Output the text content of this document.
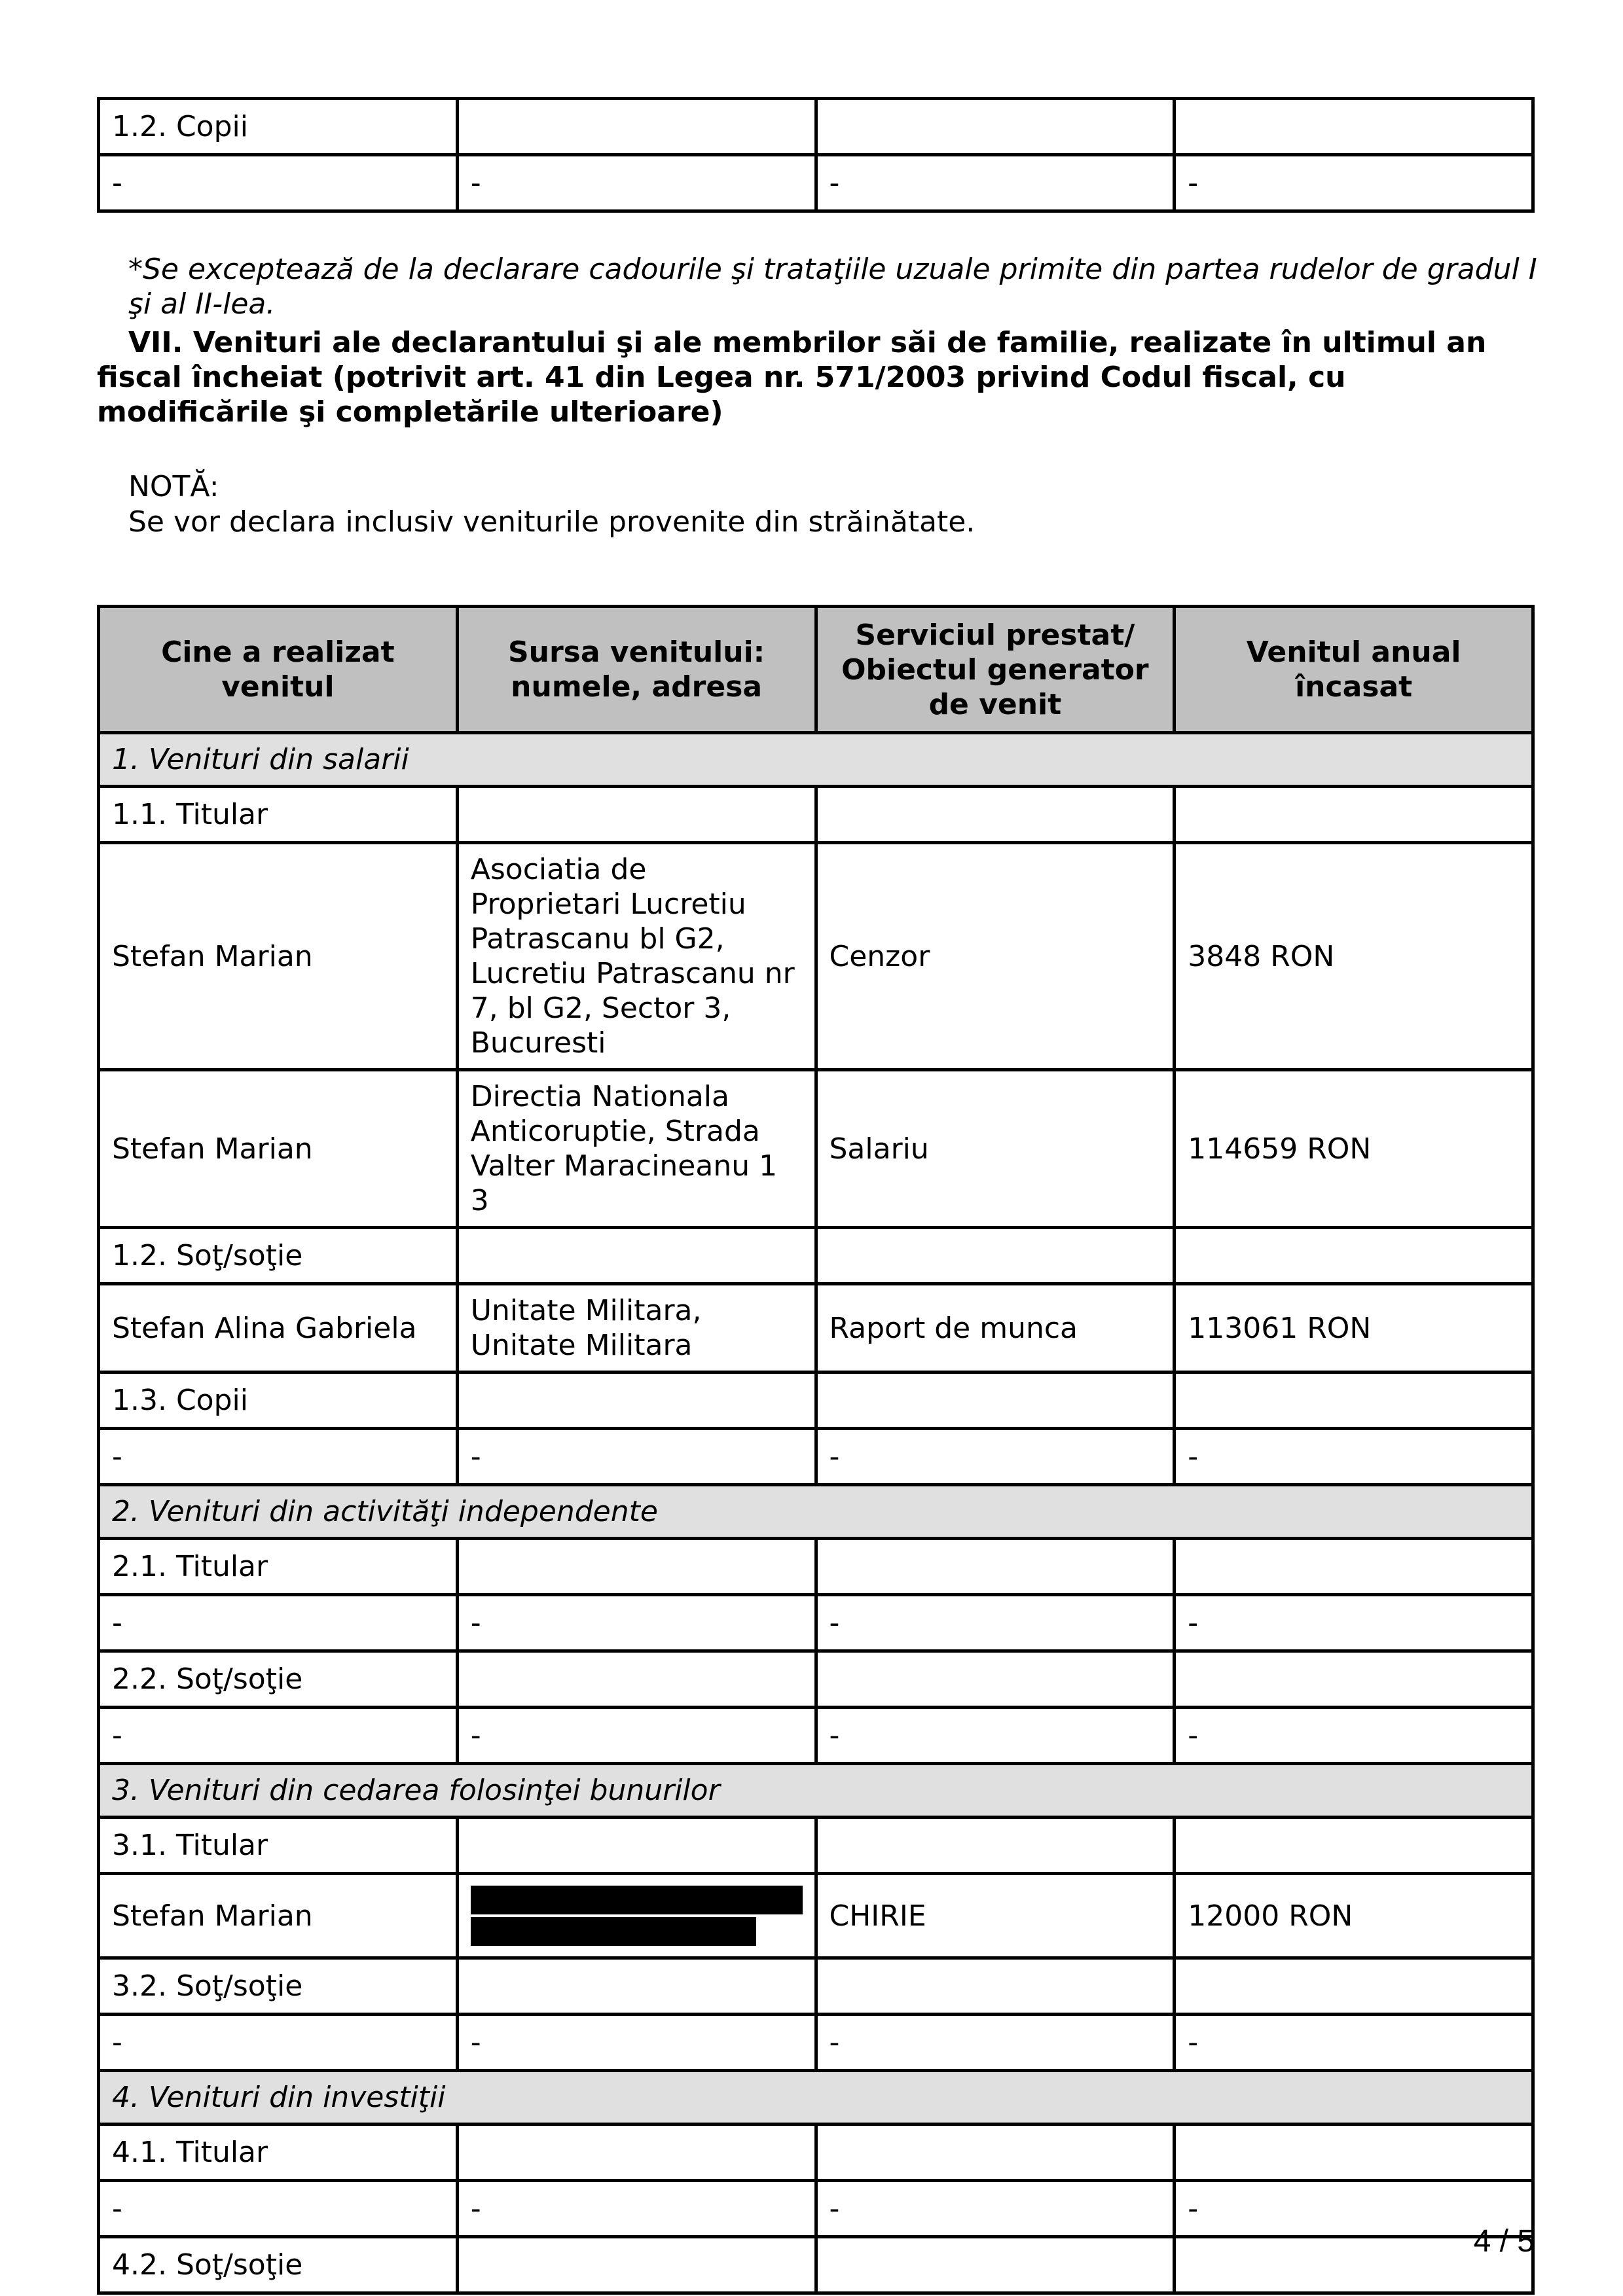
1.2. Copii			
-	-	-	-
*Se exceptează de la declarare cadourile şi trataţiile uzuale primite din partea rudelor de gradul I şi al II-lea.
VII. Venituri ale declarantului şi ale membrilor săi de familie, realizate în ultimul an fiscal încheiat (potrivit art. 41 din Legea nr. 571/2003 privind Codul fiscal, cu modificările şi completările ulterioare)
NOTĂ:
Se vor declara inclusiv veniturile provenite din străinătate.
Cine a realizat venitul	Sursa venitului: numele, adresa	Serviciul prestat/ Obiectul generator de venit	Venitul anual încasat
1. Venituri din salarii			
1.1. Titular			
Stefan Marian	Asociatia de Proprietari Lucretiu Patrascanu bl G2, Lucretiu Patrascanu nr 7, bl G2, Sector 3, Bucuresti	Cenzor	3848 RON
Stefan Marian	Directia Nationala Anticoruptie, Strada Valter Maracineanu 1 3	Salariu	114659 RON
1.2. Soţ/soţie			
Stefan Alina Gabriela	Unitate Militara, Unitate Militara	Raport de munca	113061 RON
1.3. Copii			
-	-	-	-
2. Venituri din activităţi independente			
2.1. Titular			
-	-	-	-
2.2. Soţ/soţie			
-	-	-	-
3. Venituri din cedarea folosinţei bunurilor			
3.1. Titular			
Stefan Marian		CHIRIE	12000 RON
3.2. Soţ/soţie			
-	-	-	-
4. Venituri din investiţii			
4.1. Titular			
-	-	-	-
4.2. Soţ/soţie			
4 / 5
